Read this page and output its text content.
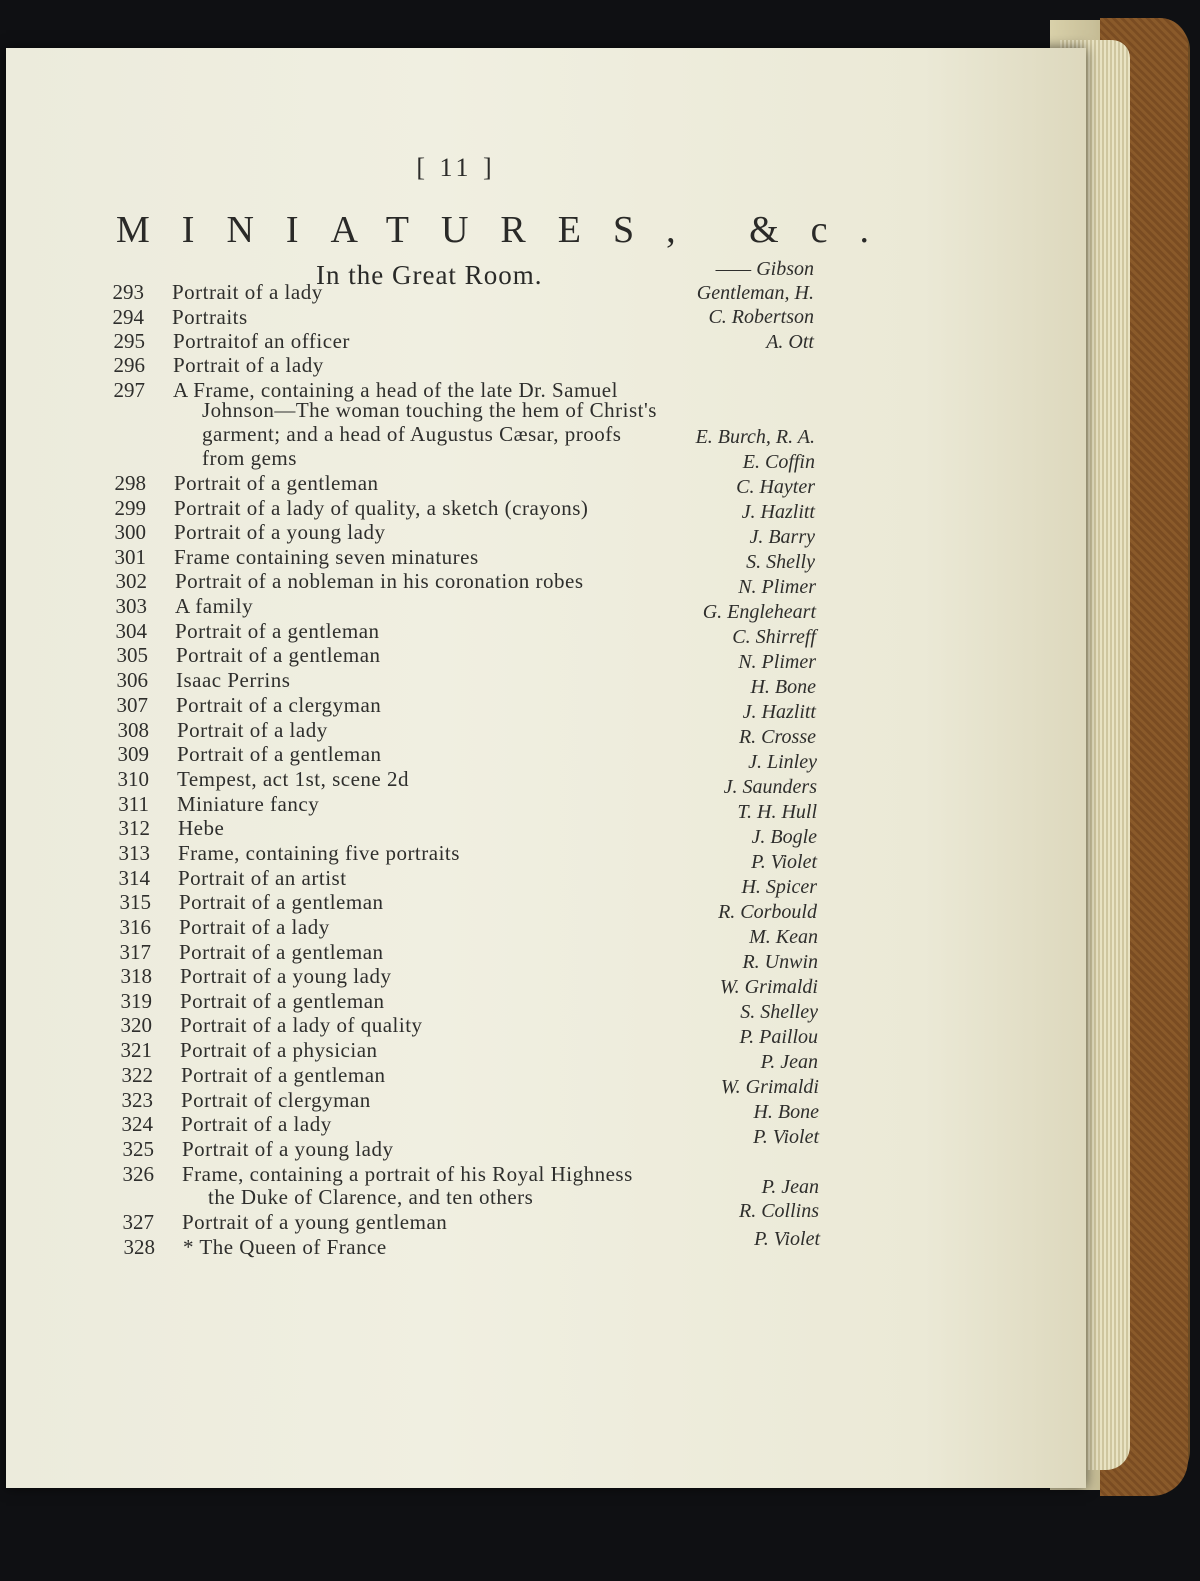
[ 11 ]
MINIATURES, &c.
In the Great Room.
293 Portrait of a lady
—— Gibson
294 Portraits
Gentleman, H.
295 Portraitof an officer
C. Robertson
296 Portrait of a lady
A. Ott
297 A Frame, containing a head of the late Dr. Samuel
E. Burch, R. A.
298 Portrait of a gentleman
E. Coffin
299 Portrait of a lady of quality, a sketch (crayons)
C. Hayter
300 Portrait of a young lady
J. Hazlitt
301 Frame containing seven minatures
J. Barry
302 Portrait of a nobleman in his coronation robes
S. Shelly
303 A family
N. Plimer
304 Portrait of a gentleman
G. Engleheart
305 Portrait of a gentleman
C. Shirreff
306 Isaac Perrins
N. Plimer
307 Portrait of a clergyman
H. Bone
308 Portrait of a lady
J. Hazlitt
309 Portrait of a gentleman
R. Crosse
310 Tempest, act 1st, scene 2d
J. Linley
311 Miniature fancy
J. Saunders
312 Hebe
T. H. Hull
313 Frame, containing five portraits
J. Bogle
314 Portrait of an artist
P. Violet
315 Portrait of a gentleman
H. Spicer
316 Portrait of a lady
R. Corbould
317 Portrait of a gentleman
M. Kean
318 Portrait of a young lady
R. Unwin
319 Portrait of a gentleman
W. Grimaldi
320 Portrait of a lady of quality
S. Shelley
321 Portrait of a physician
P. Paillou
322 Portrait of a gentleman
P. Jean
323 Portrait of clergyman
W. Grimaldi
324 Portrait of a lady	H. Bone
325 Portrait of a young lady	P. Violet
326 Frame, containing a portrait of his Royal Highness
327 Portrait of a young gentleman
P. Jean
328 * The Queen of France
R. Collins
Johnson—The woman touching the hem of Christ's
garment; and a head of Augustus Cæsar, proofs
from gems
the Duke of Clarence, and ten others
P. Violet
